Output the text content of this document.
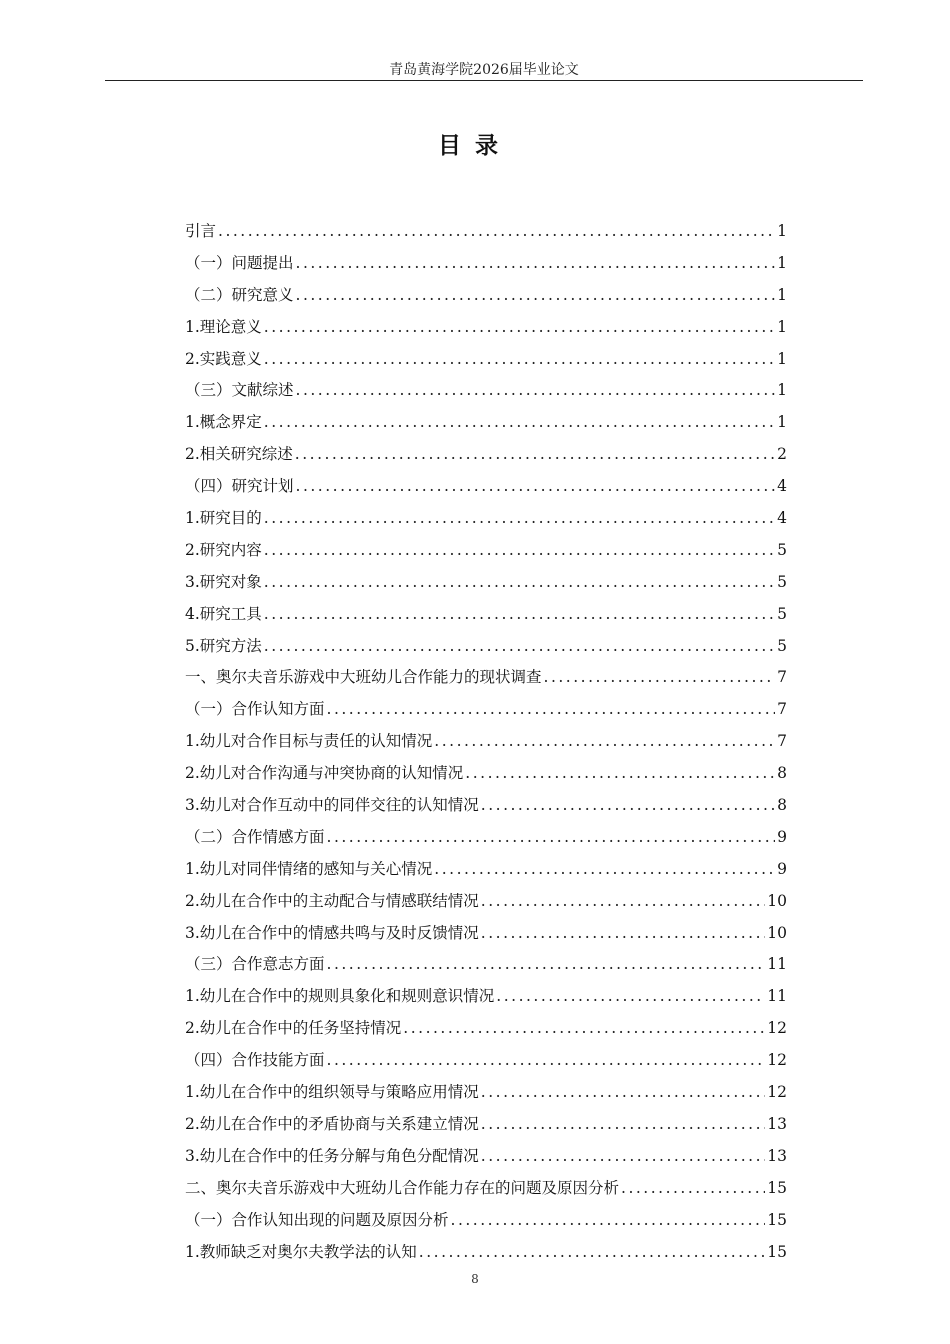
青岛黄海学院2026届毕业论文
目录
引言 .....	1
（一）问题提出 .....	1
（二）研究意义 .....	1
1.理论意义 .....	1
2.实践意义 .....	1
（三）文献综述 .....	1
1.概念界定 .....	1
2.相关研究综述 .....	2
（四）研究计划 .....	4
1.研究目的 .....	4
2.研究内容 .....	5
3.研究对象 .....	5
4.研究工具 .....	5
5.研究方法 .....	5
一、奥尔夫音乐游戏中大班幼儿合作能力的现状调查 .....	7
（一）合作认知方面 .....	7
1.幼儿对合作目标与责任的认知情况 .....	7
2.幼儿对合作沟通与冲突协商的认知情况 .....	8
3.幼儿对合作互动中的同伴交往的认知情况 .....	8
（二）合作情感方面 .....	9
1.幼儿对同伴情绪的感知与关心情况 .....	9
2.幼儿在合作中的主动配合与情感联结情况 .....	10
3.幼儿在合作中的情感共鸣与及时反馈情况 .....	10
（三）合作意志方面 .....	11
1.幼儿在合作中的规则具象化和规则意识情况 .....	11
2.幼儿在合作中的任务坚持情况 .....	12
（四）合作技能方面 .....	12
1.幼儿在合作中的组织领导与策略应用情况 .....	12
2.幼儿在合作中的矛盾协商与关系建立情况 .....	13
3.幼儿在合作中的任务分解与角色分配情况 .....	13
二、奥尔夫音乐游戏中大班幼儿合作能力存在的问题及原因分析 .....	15
（一）合作认知出现的问题及原因分析 .....	15
1.教师缺乏对奥尔夫教学法的认知 .....	15
8
